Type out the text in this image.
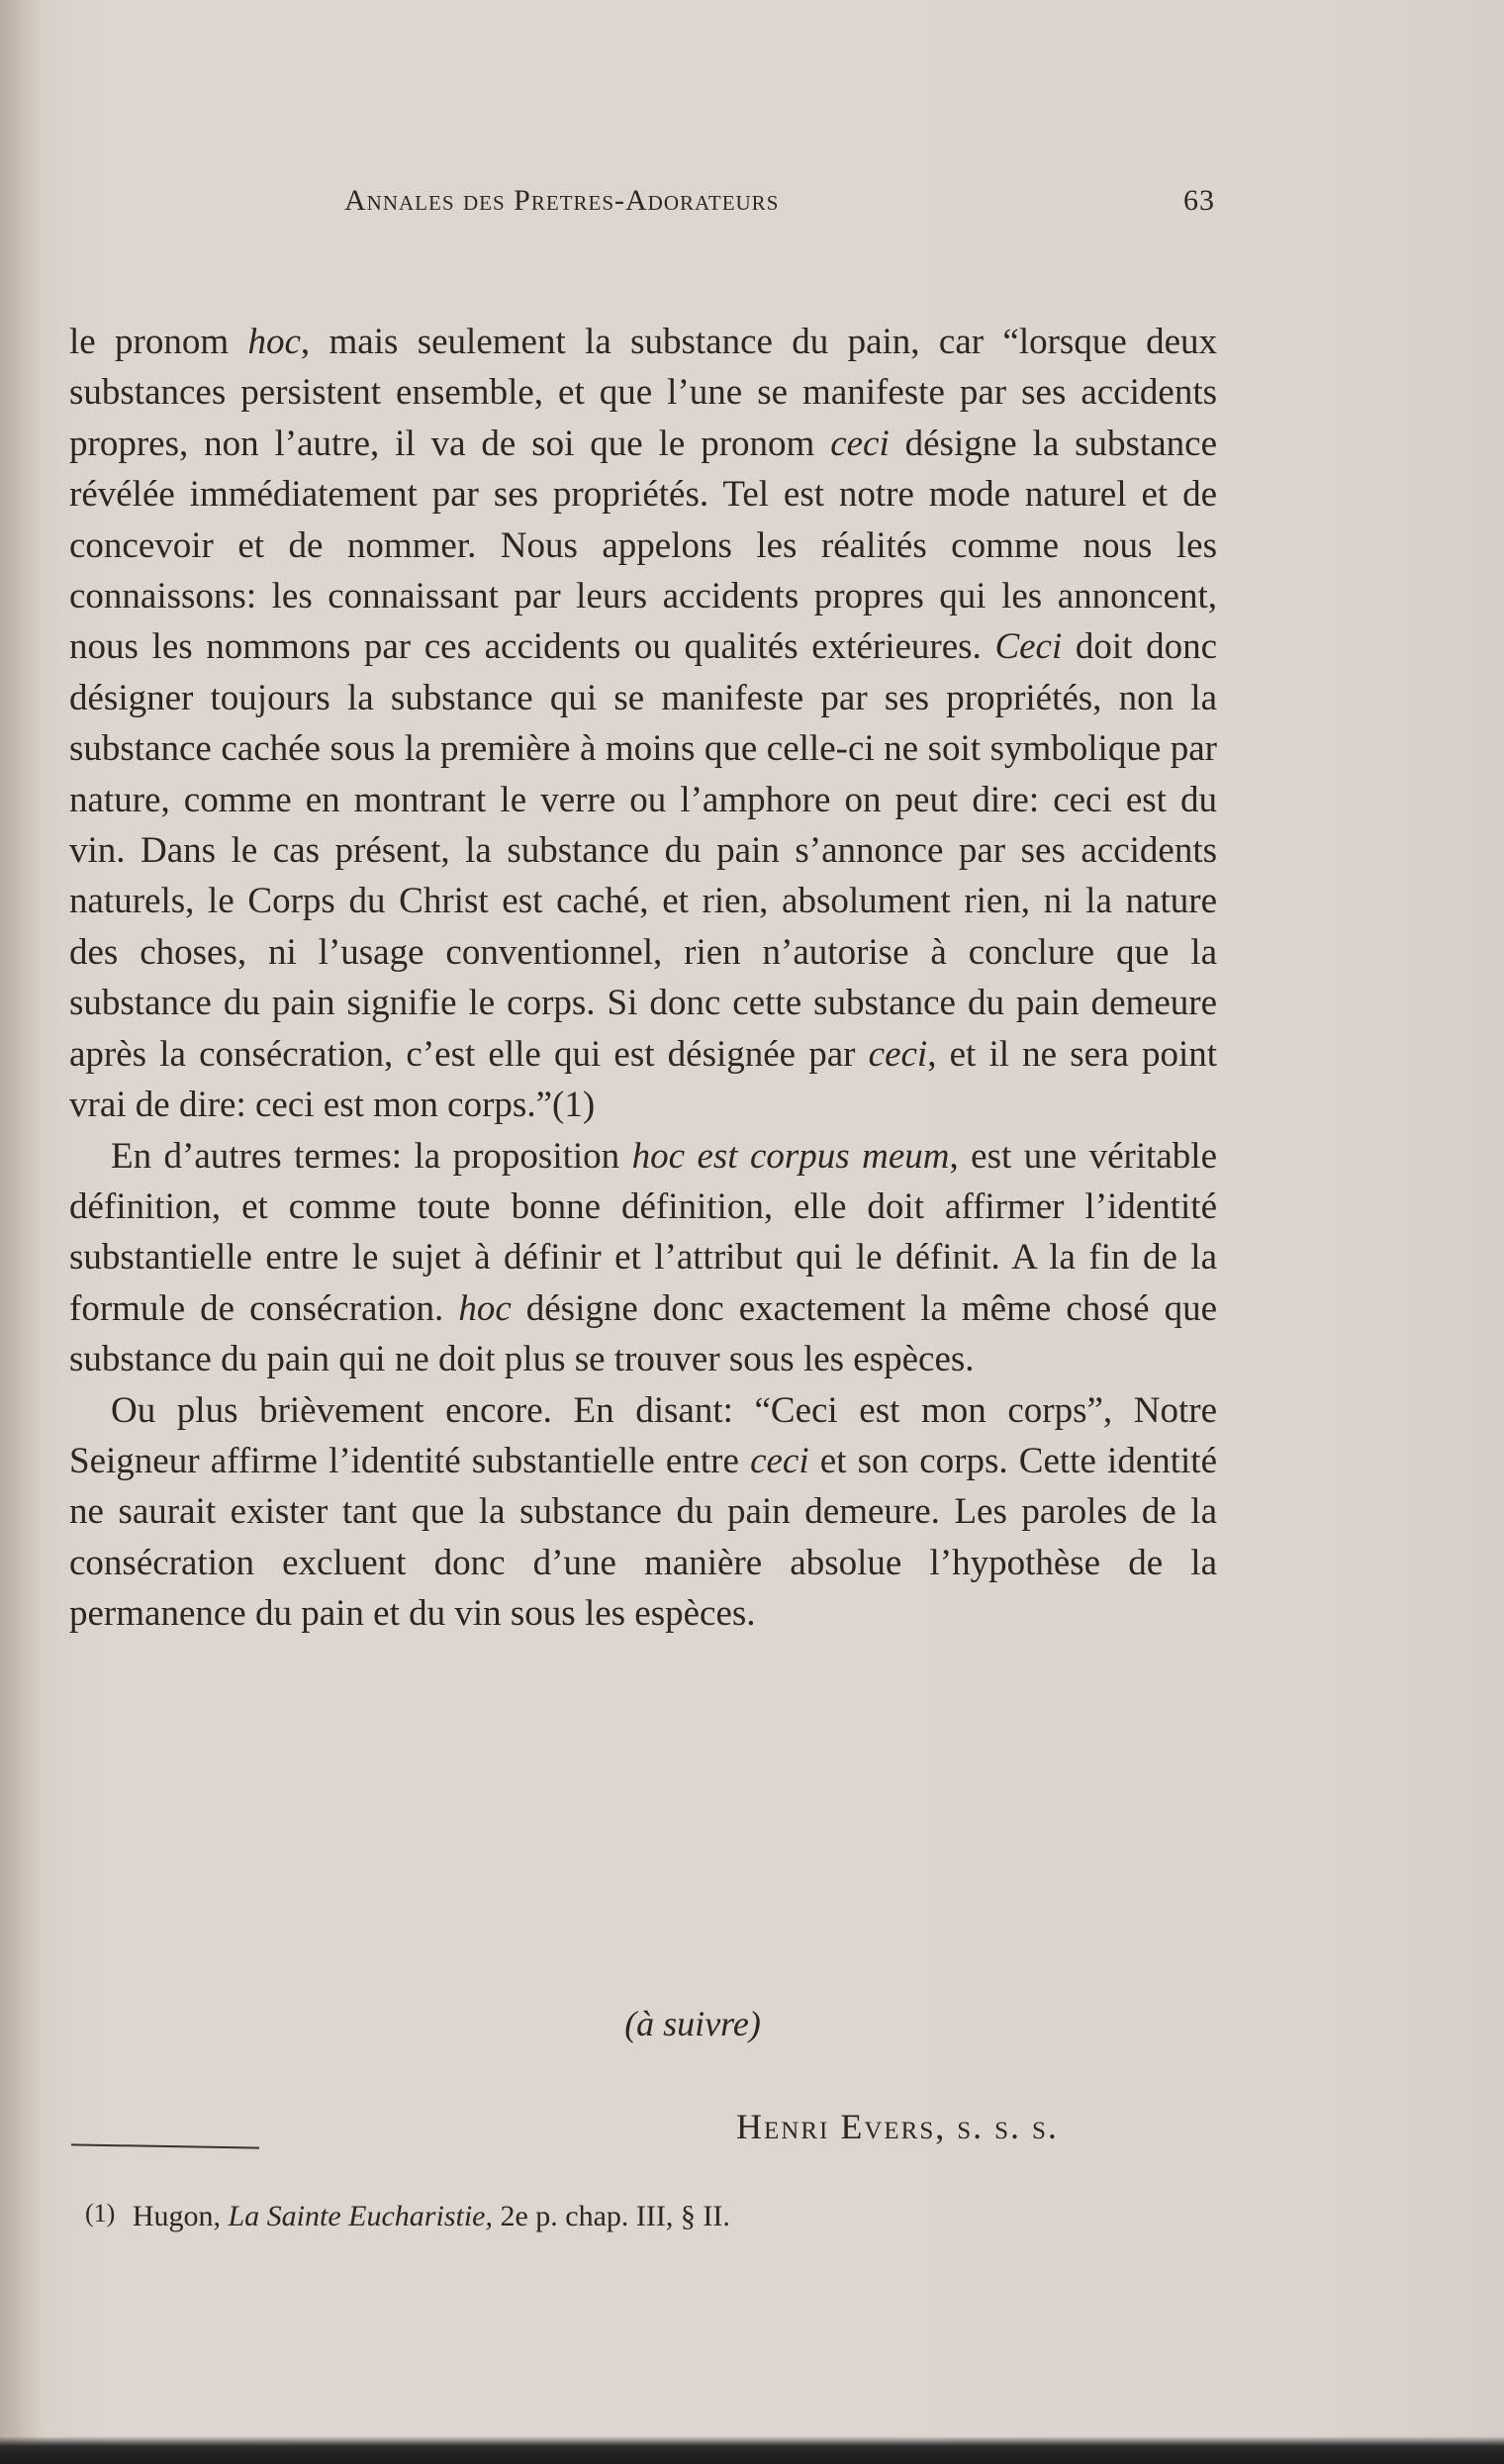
Annales des Pretres-Adorateurs	63

le pronom hoc, mais seulement la substance du pain, car “lorsque deux substances persistent ensemble, et que l’une se manifeste par ses accidents propres, non l’autre, il va de soi que le pronom ceci désigne la substance révélée immédiatement par ses propriétés. Tel est notre mode naturel et de concevoir et de nommer. Nous appelons les réalités comme nous les connaissons: les connaissant par leurs accidents propres qui les annoncent, nous les nommons par ces accidents ou qualités extérieures. Ceci doit donc désigner toujours la substance qui se manifeste par ses propriétés, non la substance cachée sous la première à moins que celle-ci ne soit symbolique par nature, comme en montrant le verre ou l’amphore on peut dire: ceci est du vin. Dans le cas présent, la substance du pain s’annonce par ses accidents naturels, le Corps du Christ est caché, et rien, absolument rien, ni la nature des choses, ni l’usage conventionnel, rien n’autorise à conclure que la substance du pain signifie le corps. Si donc cette substance du pain demeure après la consécration, c’est elle qui est désignée par ceci, et il ne sera point vrai de dire: ceci est mon corps.”(1)

En d’autres termes: la proposition hoc est corpus meum, est une véritable définition, et comme toute bonne définition, elle doit affirmer l’identité substantielle entre le sujet à définir et l’attribut qui le définit. A la fin de la formule de consécration. hoc désigne donc exactement la même chosé que substance du pain qui ne doit plus se trouver sous les espèces.

Ou plus brièvement encore. En disant: “Ceci est mon corps”, Notre Seigneur affirme l’identité substantielle entre ceci et son corps. Cette identité ne saurait exister tant que la substance du pain demeure. Les paroles de la consécration excluent donc d’une manière absolue l’hypothèse de la permanence du pain et du vin sous les espèces.

(à suivre)
Henri Evers, s. s. s.
(1) Hugon, La Sainte Eucharistie, 2e p. chap. III, § II.
